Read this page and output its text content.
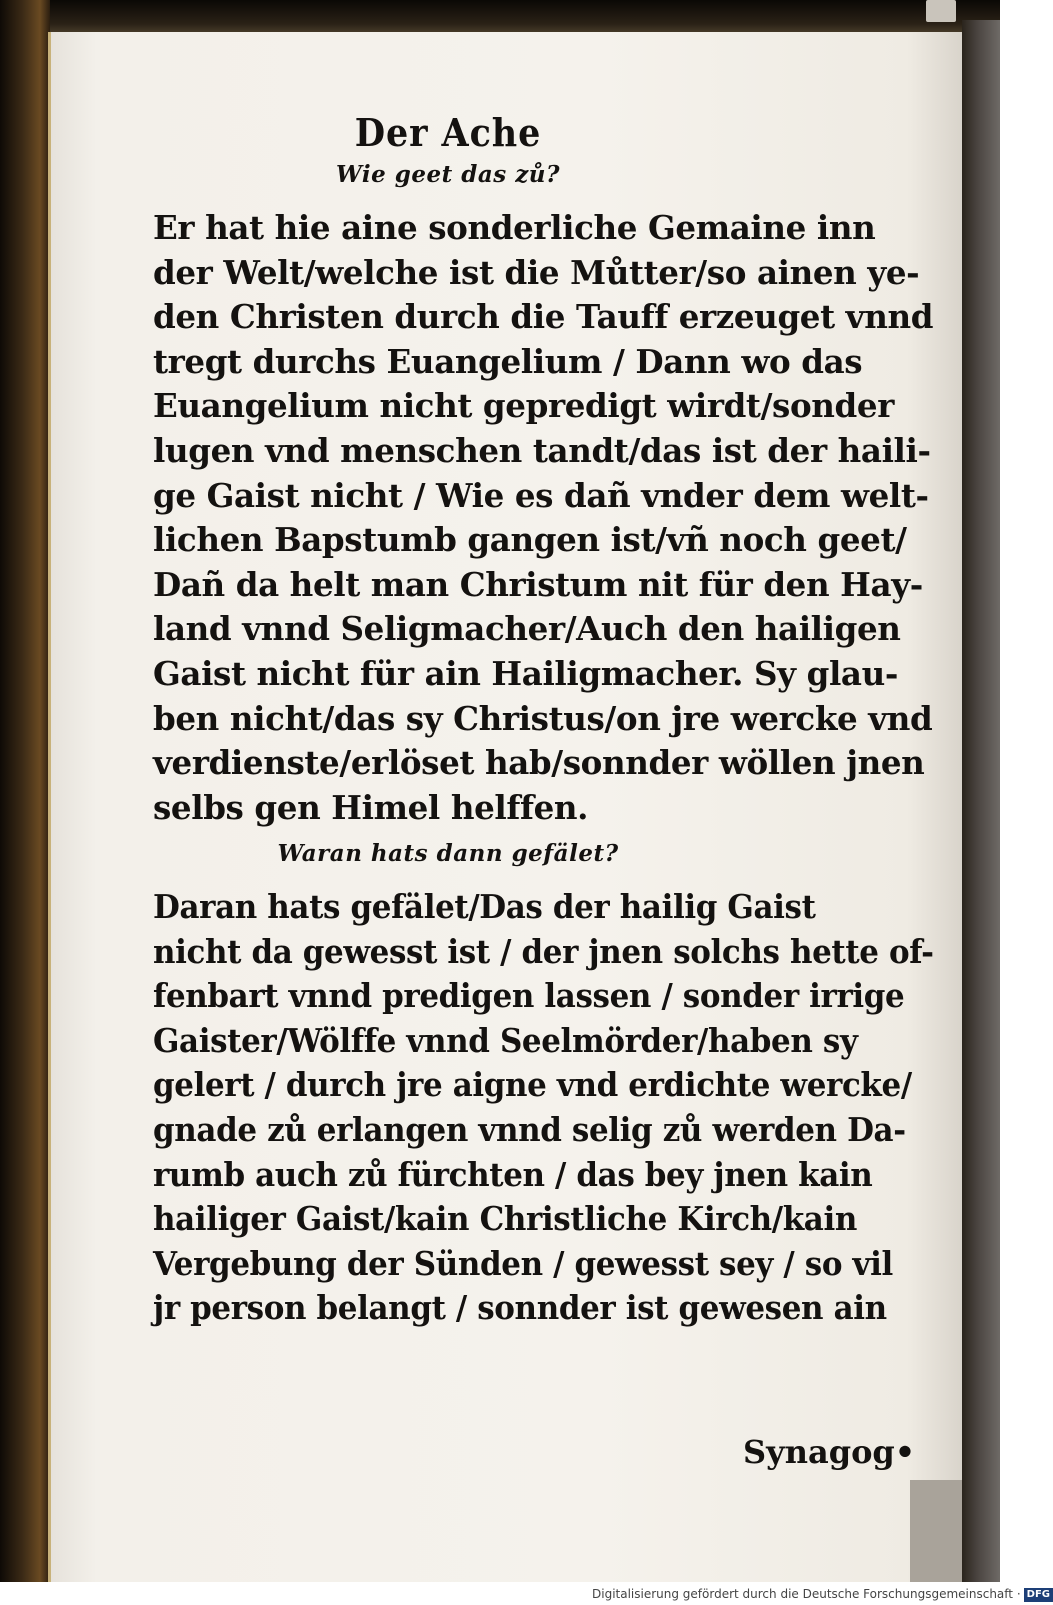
Der Ache

Wie geet das zů?

Er hat hie aine sonderliche Gemaine inn
der Welt/welche ist die Můtter/so ainen ye-
den Christen durch die Tauff erzeuget vnnd
tregt durchs Euangelium / Dann wo das
Euangelium nicht gepredigt wirdt/sonder
lugen vnd menschen tandt/das ist der haili-
ge Gaist nicht / Wie es dañ vnder dem welt-
lichen Bapstumb gangen ist/vñ noch geet/
Dañ da helt man Christum nit für den Hay-
land vnnd Seligmacher/Auch den hailigen
Gaist nicht für ain Hailigmacher. Sy glau-
ben nicht/das sy Christus/on jre wercke vnd
verdienste/erlöset hab/sonnder wöllen jnen
selbs gen Himel helffen.

Waran hats dann gefälet?

Daran hats gefälet/Das der hailig Gaist
nicht da gewesst ist / der jnen solchs hette of-
fenbart vnnd predigen lassen / sonder irrige
Gaister/Wölffe vnnd Seelmörder/haben sy
gelert / durch jre aigne vnd erdichte wercke/
gnade zů erlangen vnnd selig zů werden Da-
rumb auch zů fürchten / das bey jnen kain
hailiger Gaist/kain Christliche Kirch/kain
Vergebung der Sünden / gewesst sey / so vil
jr person belangt / sonnder ist gewesen ain
Synagog•
Digitalisierung gefördert durch die Deutsche Forschungsgemeinschaft · DFG
